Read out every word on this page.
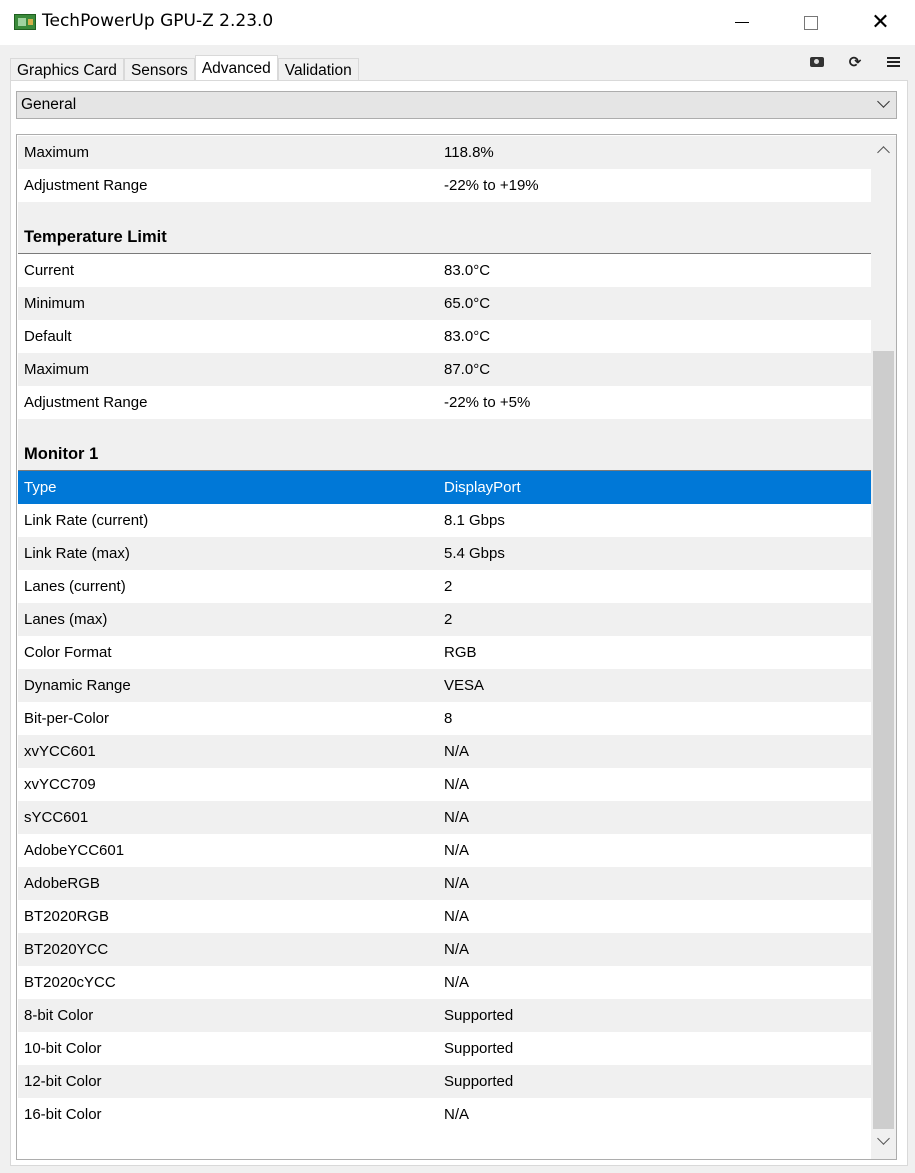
TechPowerUp GPU-Z 2.23.0	✕
Graphics Card Sensors Advanced Validation	⟳
General
Maximum	118.8%
Adjustment Range	-22% to +19%
Temperature Limit
Current	83.0°C
Minimum	65.0°C
Default	83.0°C
Maximum	87.0°C
Adjustment Range	-22% to +5%
Monitor 1
Type	DisplayPort
Link Rate (current)	8.1 Gbps
Link Rate (max)	5.4 Gbps
Lanes (current)	2
Lanes (max)	2
Color Format	RGB
Dynamic Range	VESA
Bit-per-Color	8
xvYCC601	N/A
xvYCC709	N/A
sYCC601	N/A
AdobeYCC601	N/A
AdobeRGB	N/A
BT2020RGB	N/A
BT2020YCC	N/A
BT2020cYCC	N/A
8-bit Color	Supported
10-bit Color	Supported
12-bit Color	Supported
16-bit Color	N/A
